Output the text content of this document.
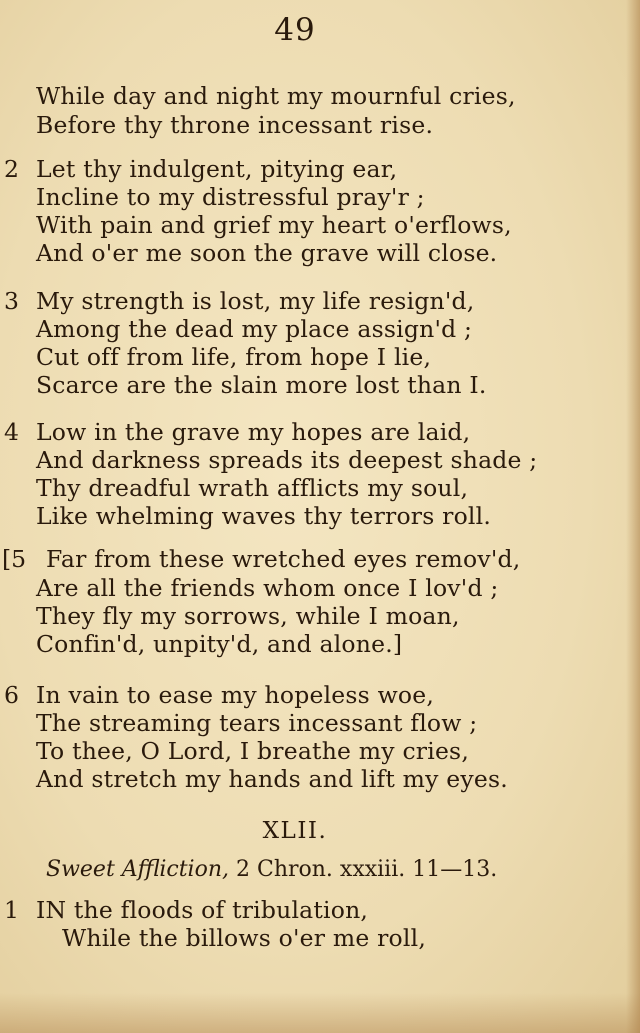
49
While day and night my mournful cries,
Before thy throne incessant rise.
2 Let thy indulgent, pitying ear,
Incline to my distressful pray'r ;
With pain and grief my heart o'erflows,
And o'er me soon the grave will close.
3 My strength is lost, my life resign'd,
Among the dead my place assign'd ;
Cut off from life, from hope I lie,
Scarce are the slain more lost than I.
4 Low in the grave my hopes are laid,
And darkness spreads its deepest shade ;
Thy dreadful wrath afflicts my soul,
Like whelming waves thy terrors roll.
[5 Far from these wretched eyes remov'd,
Are all the friends whom once I lov'd ;
They fly my sorrows, while I moan,
Confin'd, unpity'd, and alone.]
6 In vain to ease my hopeless woe,
The streaming tears incessant flow ;
To thee, O Lord, I breathe my cries,
And stretch my hands and lift my eyes.
XLII.
Sweet Affliction, 2 Chron. xxxiii. 11—13.
1 IN the floods of tribulation,
While the billows o'er me roll,
